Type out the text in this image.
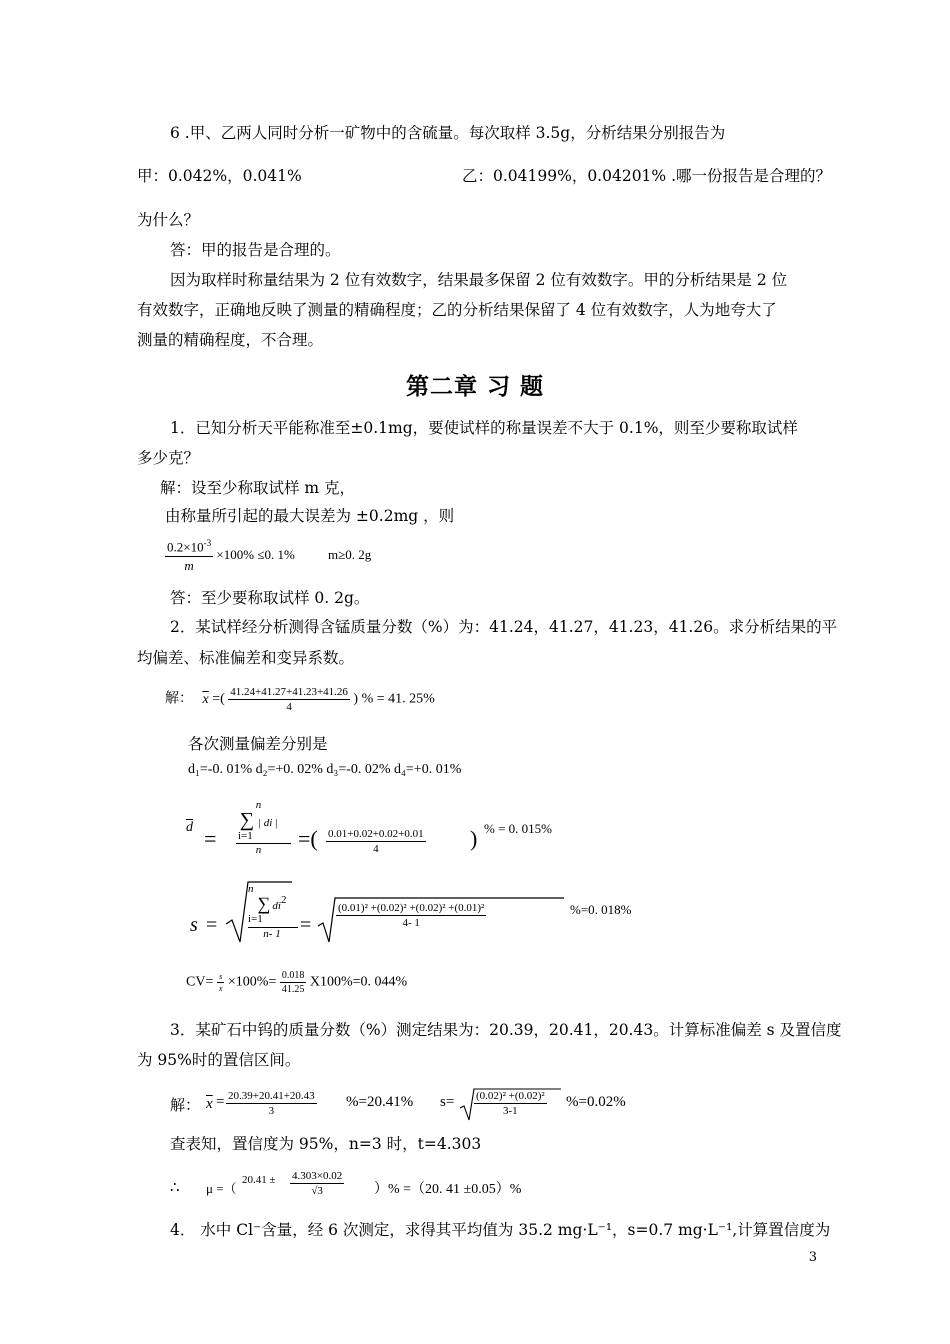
6 .甲、乙两人同时分析一矿物中的含硫量。每次取样 3.5g，分析结果分别报告为
甲：0.042%，0.041%	乙：0.04199%，0.04201% .哪一份报告是合理的？
为什么？
答：甲的报告是合理的。
因为取样时称量结果为 2 位有效数字，结果最多保留 2 位有效数字。甲的分析结果是 2 位
有效数字，正确地反映了测量的精确程度；乙的分析结果保留了 4 位有效数字，人为地夸大了
测量的精确程度，不合理。
第二章 习 题
1．已知分析天平能称准至±0.1mg，要使试样的称量误差不大于 0.1%，则至少要称取试样
多少克？
解：设至少称取试样 m 克，
由称量所引起的最大误差为 ±0.2mg ，则
$\frac{0.2\times 10^{-3}}{m} \times 100\% \le 0$. 1%	m≥0. 2g
答：至少要称取试样 0. 2g。
2．某试样经分析测得含锰质量分数（%）为：41.24，41.27，41.23，41.26。求分析结果的平
均偏差、标准偏差和变异系数。
解： $\overline{x}$ =( $\frac{41.24+41.27+41.23+41.26}{4}$ ) % = 41. 25%
各次测量偏差分别是
d₁=-0. 01% d₂=+0. 02% d₃=-0. 02% d₄=+0. 01%
$\overline{d}$ =
n
∑ | di |
i=1
n	=( $\frac{0.01+0.02+0.02+0.01}{4}$ ) % = 0. 015%
s =
n
∑ $di^2$
i=1
n- $1 = \frac{\text{(0.01)² +(0.02)² +(0.02)² +(0.01)²}}{4- 1}$	%=0. 018%
$CV= \frac{s}{x} \times 100\%= \frac{0.018}{41.25} X100\%=0$. 044%
3．某矿石中钨的质量分数（%）测定结果为：20.39，20.41，20.43。计算标准偏差 s 及置信度
为 95%时的置信区间。
解： $\overline{x} = \frac{20.39+20.41+20.43}{3} \%=20.41\%$ $s= \frac{\text{(0.02)² +(0.02)²}}{3-1} \%=0.02\%$
查表知，置信度为 95%，n=3 时，t=4.303
∴ μ =（
$20.41 \pm \frac{4.303\times 0.02}{√3}$ ）% =（20. 41 ±0.05）%
4． 水中 Cl⁻含量，经 6 次测定，求得其平均值为 35.2 mg·L⁻¹，s=0.7 mg·L⁻¹,计算置信度为
3
